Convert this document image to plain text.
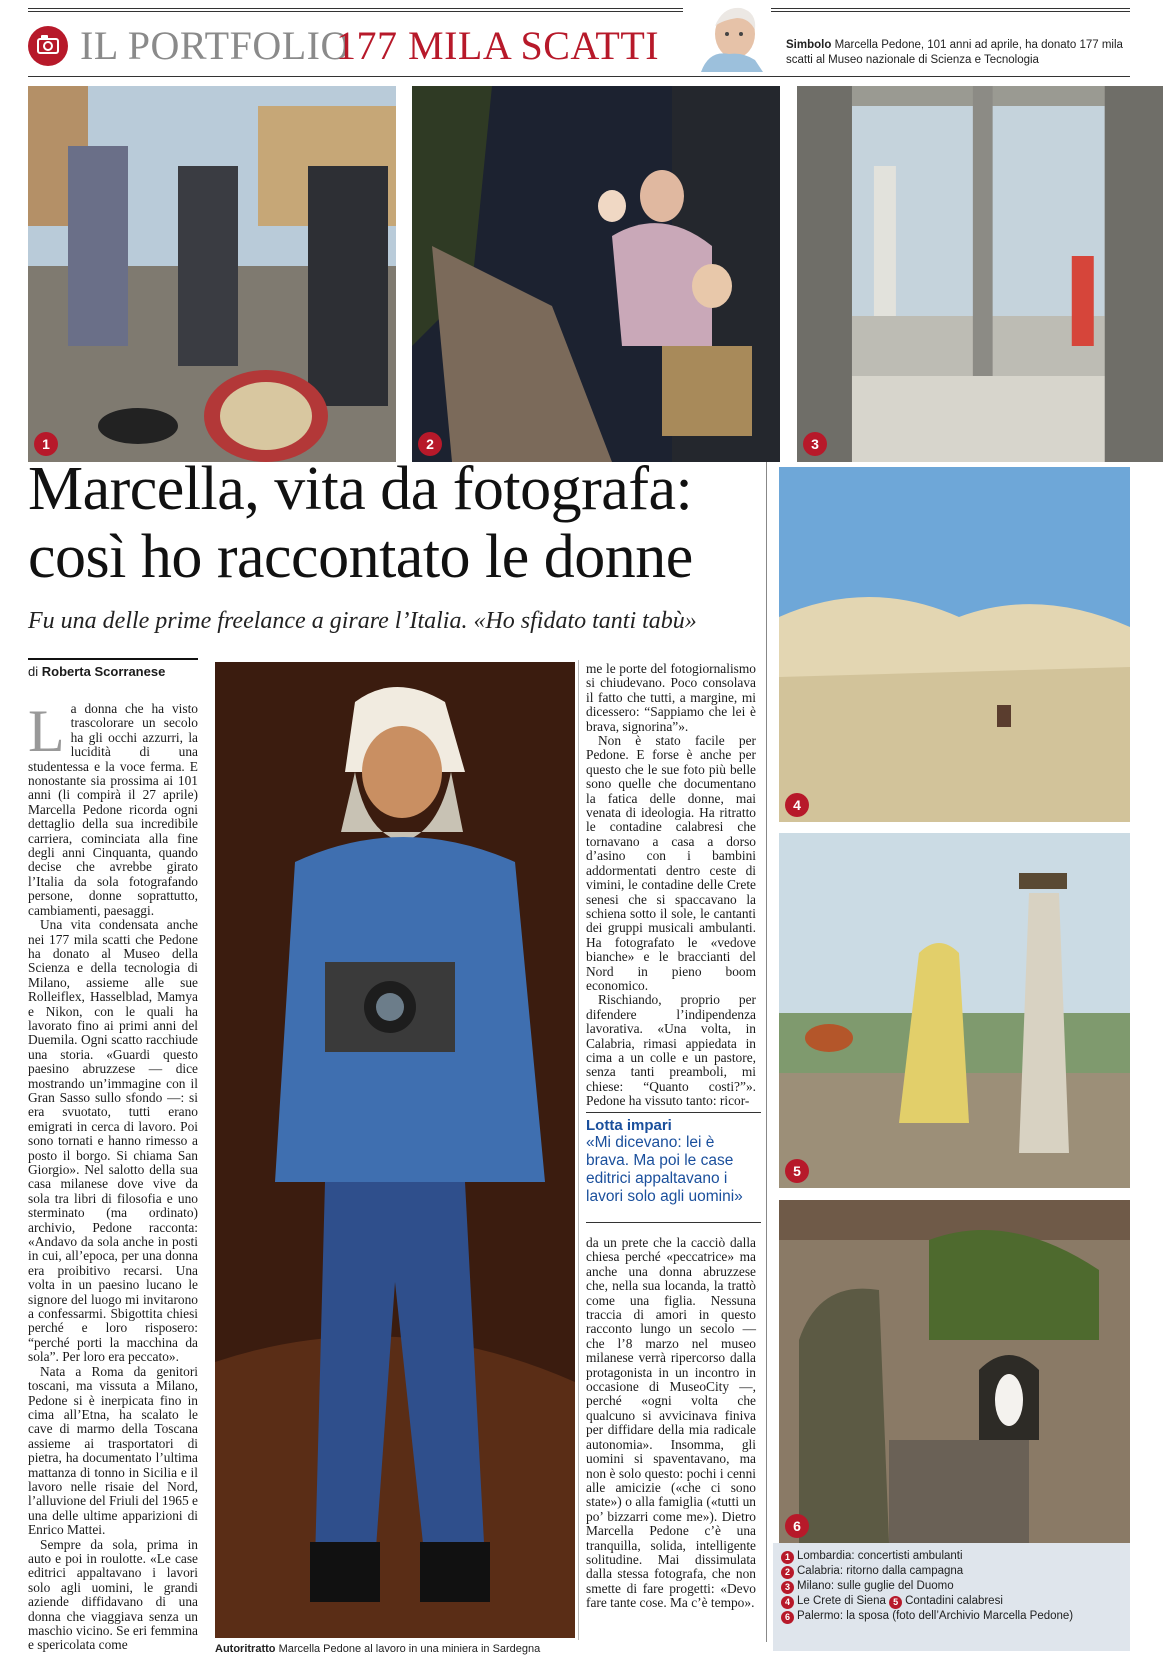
IL PORTFOLIO
177 MILA SCATTI	Simbolo Marcella Pedone, 101 anni ad aprile, ha donato 177 mila scatti al Museo nazionale di Scienza e Tecnologia
1	2	3
Marcella, vita da fotografa:
così ho raccontato le donne
Fu una delle prime freelance a girare l’Italia. «Ho sfidato tanti tabù»
di Roberta Scorranese

La donna che ha visto trascolorare un secolo ha gli occhi azzurri, la lucidità di una studentessa e la voce ferma. E nonostante sia prossima ai 101 anni (li compirà il 27 aprile) Marcella Pedone ricorda ogni dettaglio della sua incredibile carriera, cominciata alla fine degli anni Cinquanta, quando decise che avrebbe girato l’Italia da sola fotografando persone, donne soprattutto, cambiamenti, paesaggi.

Una vita condensata anche nei 177 mila scatti che Pedone ha donato al Museo della Scienza e della tecnologia di Milano, assieme alle sue Rolleiflex, Hasselblad, Mamya e Nikon, con le quali ha lavorato fino ai primi anni del Duemila. Ogni scatto racchiude una storia. «Guardi questo paesino abruzzese — dice mostrando un’immagine con il Gran Sasso sullo sfondo —: si era svuotato, tutti erano emigrati in cerca di lavoro. Poi sono tornati e hanno rimesso a posto il borgo. Si chiama San Giorgio». Nel salotto della sua casa milanese dove vive da sola tra libri di filosofia e uno sterminato (ma ordinato) archivio, Pedone racconta: «Andavo da sola anche in posti in cui, all’epoca, per una donna era proibitivo recarsi. Una volta in un paesino lucano le signore del luogo mi invitarono a confessarmi. Sbigottita chiesi perché e loro risposero: “perché porti la macchina da sola”. Per loro era peccato».

Nata a Roma da genitori toscani, ma vissuta a Milano, Pedone si è inerpicata fino in cima all’Etna, ha scalato le cave di marmo della Toscana assieme ai trasportatori di pietra, ha documentato l’ultima mattanza di tonno in Sicilia e il lavoro nelle risaie del Nord, l’alluvione del Friuli del 1965 e una delle ultime apparizioni di Enrico Mattei.

Sempre da sola, prima in auto e poi in roulotte. «Le case editrici appaltavano i lavori solo agli uomini, le grandi aziende diffidavano di una donna che viaggiava senza un maschio vicino. Se eri femmina e spericolata come	Autoritratto Marcella Pedone al lavoro in una miniera in Sardegna

me le porte del fotogiornalismo si chiudevano. Poco consolava il fatto che tutti, a margine, mi dicessero: “Sappiamo che lei è brava, signorina”».

Non è stato facile per Pedone. E forse è anche per questo che le sue foto più belle sono quelle che documentano la fatica delle donne, mai venata di ideologia. Ha ritratto le contadine calabresi che tornavano a casa a dorso d’asino con i bambini addormentati dentro ceste di vimini, le contadine delle Crete senesi che si spaccavano la schiena sotto il sole, le cantanti dei gruppi musicali ambulanti. Ha fotografato le «vedove bianche» e le braccianti del Nord in pieno boom economico.

Rischiando, proprio per difendere l’indipendenza lavorativa. «Una volta, in Calabria, rimasi appiedata in cima a un colle e un pastore, senza tanti preamboli, mi chiese: “Quanto costi?”». Pedone ha vissuto tanto: ricor-

Lotta impari
«Mi dicevano: lei è brava. Ma poi le case editrici appaltavano i lavori solo agli uomini»

da un prete che la cacciò dalla chiesa perché «peccatrice» ma anche una donna abruzzese che, nella sua locanda, la trattò come una figlia. Nessuna traccia di amori in questo racconto lungo un secolo — che l’8 marzo nel museo milanese verrà ripercorso dalla protagonista in un incontro in occasione di MuseoCity —, perché «ogni volta che qualcuno si avvicinava finiva per diffidare della mia radicale autonomia». Insomma, gli uomini si spaventavano, ma non è solo questo: pochi i cenni alle amicizie («che ci sono state») o alla famiglia («tutti un po’ bizzarri come me»). Dietro Marcella Pedone c’è una tranquilla, solida, intelligente solitudine. Mai dissimulata dalla stessa fotografa, che non smette di fare progetti: «Devo fare tante cose. Ma c’è tempo».

4
5
6
1 Lombardia: concertisti ambulanti
2 Calabria: ritorno dalla campagna
3 Milano: sulle guglie del Duomo
4 Le Crete di Siena 5 Contadini calabresi
6 Palermo: la sposa (foto dell’Archivio Marcella Pedone)
